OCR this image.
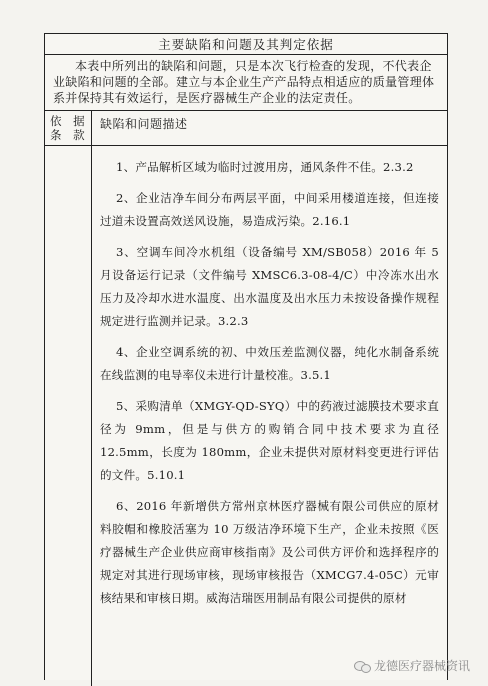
主要缺陷和问题及其判定依据
本表中所列出的缺陷和问题，只是本次飞行检查的发现，不代表企业缺陷和问题的全部。建立与本企业生产产品特点相适应的质量管理体系并保持其有效运行，是医疗器械生产企业的法定责任。
依 据
条 款
缺陷和问题描述
1、产品解析区域为临时过渡用房，通风条件不佳。2.3.2
2、企业洁净车间分布两层平面，中间采用楼道连接，但连接过道未设置高效送风设施，易造成污染。2.16.1
3、空调车间冷水机组（设备编号 XM/SB058）2016 年 5 月设备运行记录（文件编号 XMSC6.3-08-4/C）中冷冻水出水压力及冷却水进水温度、出水温度及出水压力未按设备操作规程规定进行监测并记录。3.2.3
4、企业空调系统的初、中效压差监测仪器，纯化水制备系统在线监测的电导率仪未进行计量校准。3.5.1
5、采购清单（XMGY-QD-SYQ）中的药液过滤膜技术要求直径为 9mm，但是与供方的购销合同中技术要求为直径 12.5mm，长度为 180mm，企业未提供对原材料变更进行评估的文件。5.10.1
6、2016 年新增供方常州京林医疗器械有限公司供应的原材料胶帽和橡胶活塞为 10 万级洁净环境下生产，企业未按照《医疗器械生产企业供应商审核指南》及公司供方评价和选择程序的规定对其进行现场审核，现场审核报告（XMCG7.4-05C）元审核结果和审核日期。威海洁瑞医用制品有限公司提供的原材
龙德医疗器械资讯
